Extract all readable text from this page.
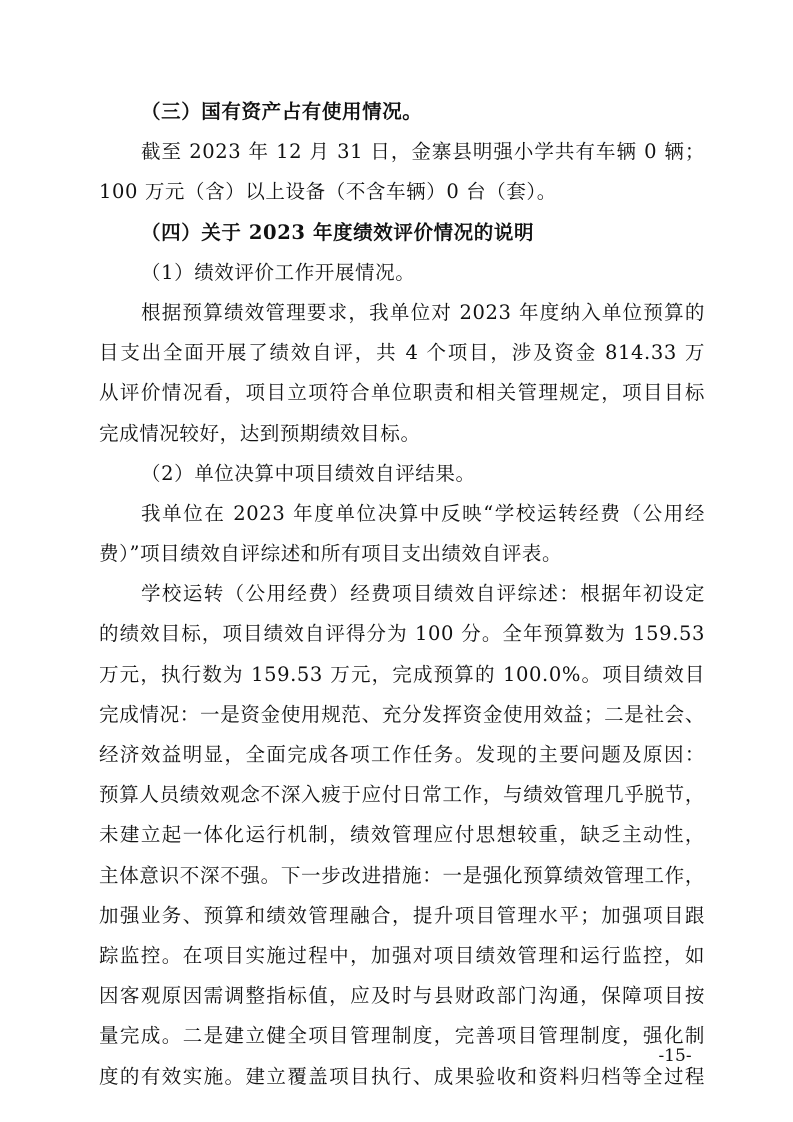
（三）国有资产占有使用情况。
截至 2023 年 12 月 31 日，金寨县明强小学共有车辆 0 辆；
100 万元（含）以上设备（不含车辆）0 台（套）。
（四）关于 2023 年度绩效评价情况的说明
（1）绩效评价工作开展情况。
根据预算绩效管理要求，我单位对 2023 年度纳入单位预算的
目支出全面开展了绩效自评，共 4 个项目，涉及资金 814.33 万
从评价情况看，项目立项符合单位职责和相关管理规定，项目目标
完成情况较好，达到预期绩效目标。
（2）单位决算中项目绩效自评结果。
我单位在 2023 年度单位决算中反映“学校运转经费（公用经
费）”项目绩效自评综述和所有项目支出绩效自评表。
学校运转（公用经费）经费项目绩效自评综述：根据年初设定
的绩效目标，项目绩效自评得分为 100 分。全年预算数为 159.53
万元，执行数为 159.53 万元，完成预算的 100.0%。项目绩效目
完成情况：一是资金使用规范、充分发挥资金使用效益；二是社会、
经济效益明显，全面完成各项工作任务。发现的主要问题及原因：
预算人员绩效观念不深入疲于应付日常工作，与绩效管理几乎脱节，
未建立起一体化运行机制，绩效管理应付思想较重，缺乏主动性，
主体意识不深不强。下一步改进措施：一是强化预算绩效管理工作，
加强业务、预算和绩效管理融合，提升项目管理水平；加强项目跟
踪监控。在项目实施过程中，加强对项目绩效管理和运行监控，如
因客观原因需调整指标值，应及时与县财政部门沟通，保障项目按
量完成。二是建立健全项目管理制度，完善项目管理制度，强化制
度的有效实施。建立覆盖项目执行、成果验收和资料归档等全过程
-15-
